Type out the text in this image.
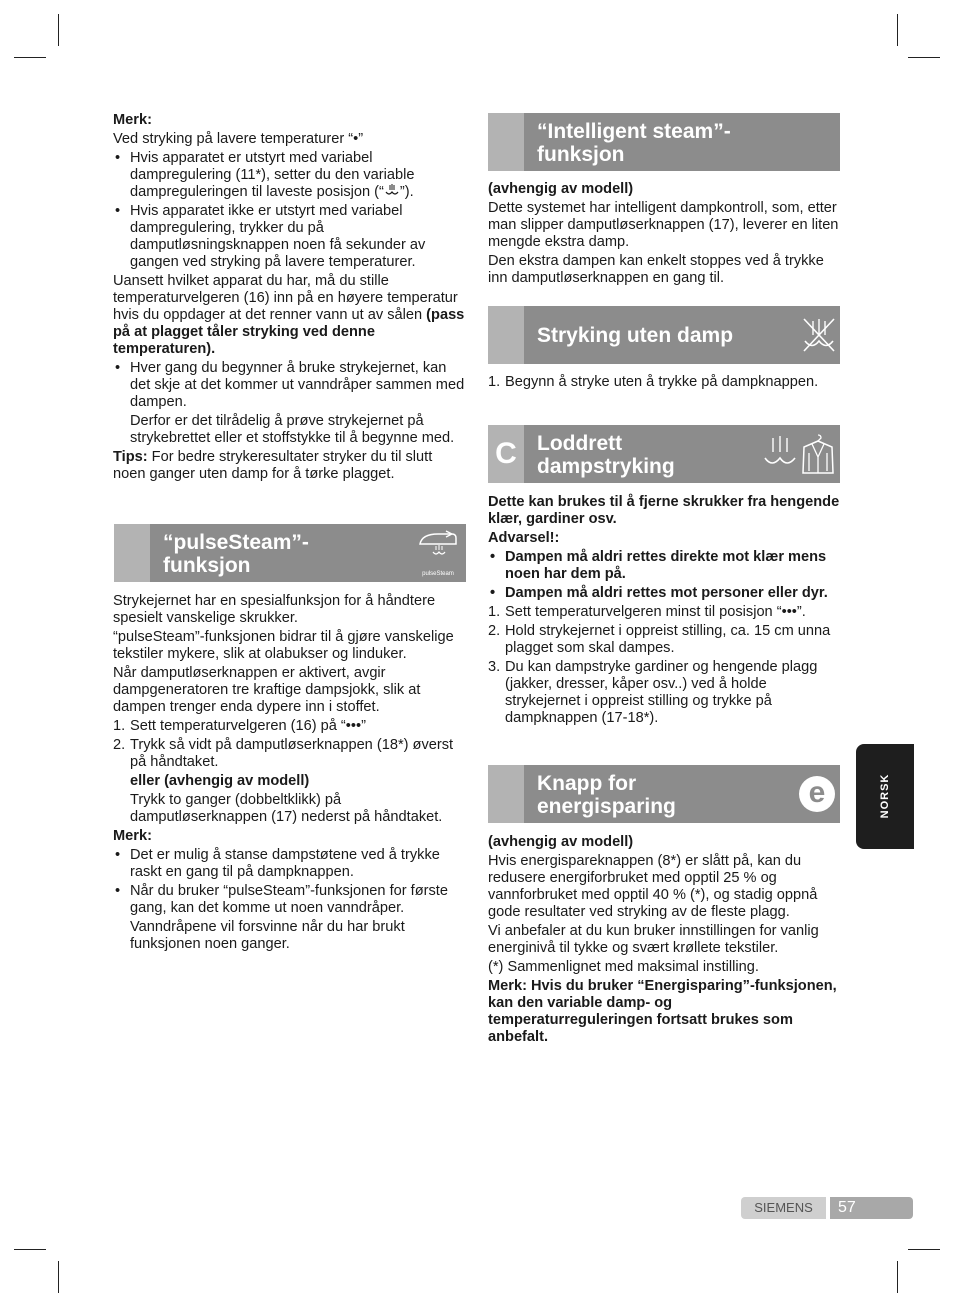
Merk:

Ved stryking på lavere temperaturer “•”

• Hvis apparatet er utstyrt med variabel dampregulering (11*), setter du den variable dampreguleringen til laveste posisjon (“ ”).
• Hvis apparatet ikke er utstyrt med variabel dampregulering, trykker du på damputløsningsknappen noen få sekunder av gangen ved stryking på lavere temperaturer.

Uansett hvilket apparat du har, må du stille temperaturvelgeren (16) inn på en høyere temperatur hvis du oppdager at det renner vann ut av sålen (pass på at plagget tåler stryking ved denne temperaturen).

• Hver gang du begynner å bruke strykejernet, kan det skje at det kommer ut vanndråper sammen med dampen.

Derfor er det tilrådelig å prøve strykejernet på strykebrettet eller et stoffstykke til å begynne med.

Tips: For bedre strykeresultater stryker du til slutt noen ganger uten damp for å tørke plagget.

“pulseSteam”-
funksjon	pulseSteam

Strykejernet har en spesialfunksjon for å håndtere spesielt vanskelige skrukker.

“pulseSteam”-funksjonen bidrar til å gjøre vanskelige tekstiler mykere, slik at olabukser og linduker.

Når damputløserknappen er aktivert, avgir dampgeneratoren tre kraftige dampsjokk, slik at dampen trenger enda dypere inn i stoffet.

1. Sett temperaturvelgeren (16) på “•••”
2. Trykk så vidt på damputløserknappen (18*) øverst på håndtaket.

eller (avhengig av modell)

Trykk to ganger (dobbeltklikk) på damputløserknappen (17) nederst på håndtaket.

Merk:

• Det er mulig å stanse dampstøtene ved å trykke raskt en gang til på dampknappen.
• Når du bruker “pulseSteam”-funksjonen for første gang, kan det komme ut noen vanndråper.

Vanndråpene vil forsvinne når du har brukt funksjonen noen ganger.
“Intelligent steam”-
funksjon

(avhengig av modell)

Dette systemet har intelligent dampkontroll, som, etter man slipper damputløserknappen (17), leverer en liten mengde ekstra damp.

Den ekstra dampen kan enkelt stoppes ved å trykke inn damputløserknappen en gang til.

Stryking uten damp
1. Begynn å stryke uten å trykke på dampknappen.
C Loddrett
dampstryking

Dette kan brukes til å fjerne skrukker fra hengende klær, gardiner osv.

Advarsel!:

• Dampen må aldri rettes direkte mot klær mens noen har dem på.
• Dampen må aldri rettes mot personer eller dyr.
1. Sett temperaturvelgeren minst til posisjon “•••”.
2. Hold strykejernet i oppreist stilling, ca. 15 cm unna plagget som skal dampes.
3. Du kan dampstryke gardiner og hengende plagg (jakker, dresser, kåper osv..) ved å holde strykejernet i oppreist stilling og trykke på dampknappen (17-18*).
Knapp for
energisparing	e

(avhengig av modell)

Hvis energispareknappen (8*) er slått på, kan du redusere energiforbruket med opptil 25 % og vannforbruket med opptil 40 % (*), og stadig oppnå gode resultater ved stryking av de fleste plagg.

Vi anbefaler at du kun bruker innstillingen for vanlig energinivå til tykke og svært krøllete tekstiler.

(*) Sammenlignet med maksimal instilling.

Merk: Hvis du bruker “Energisparing”-funksjonen, kan den variable damp- og temperaturreguleringen fortsatt brukes som anbefalt.

NORSK
SIEMENS	57
